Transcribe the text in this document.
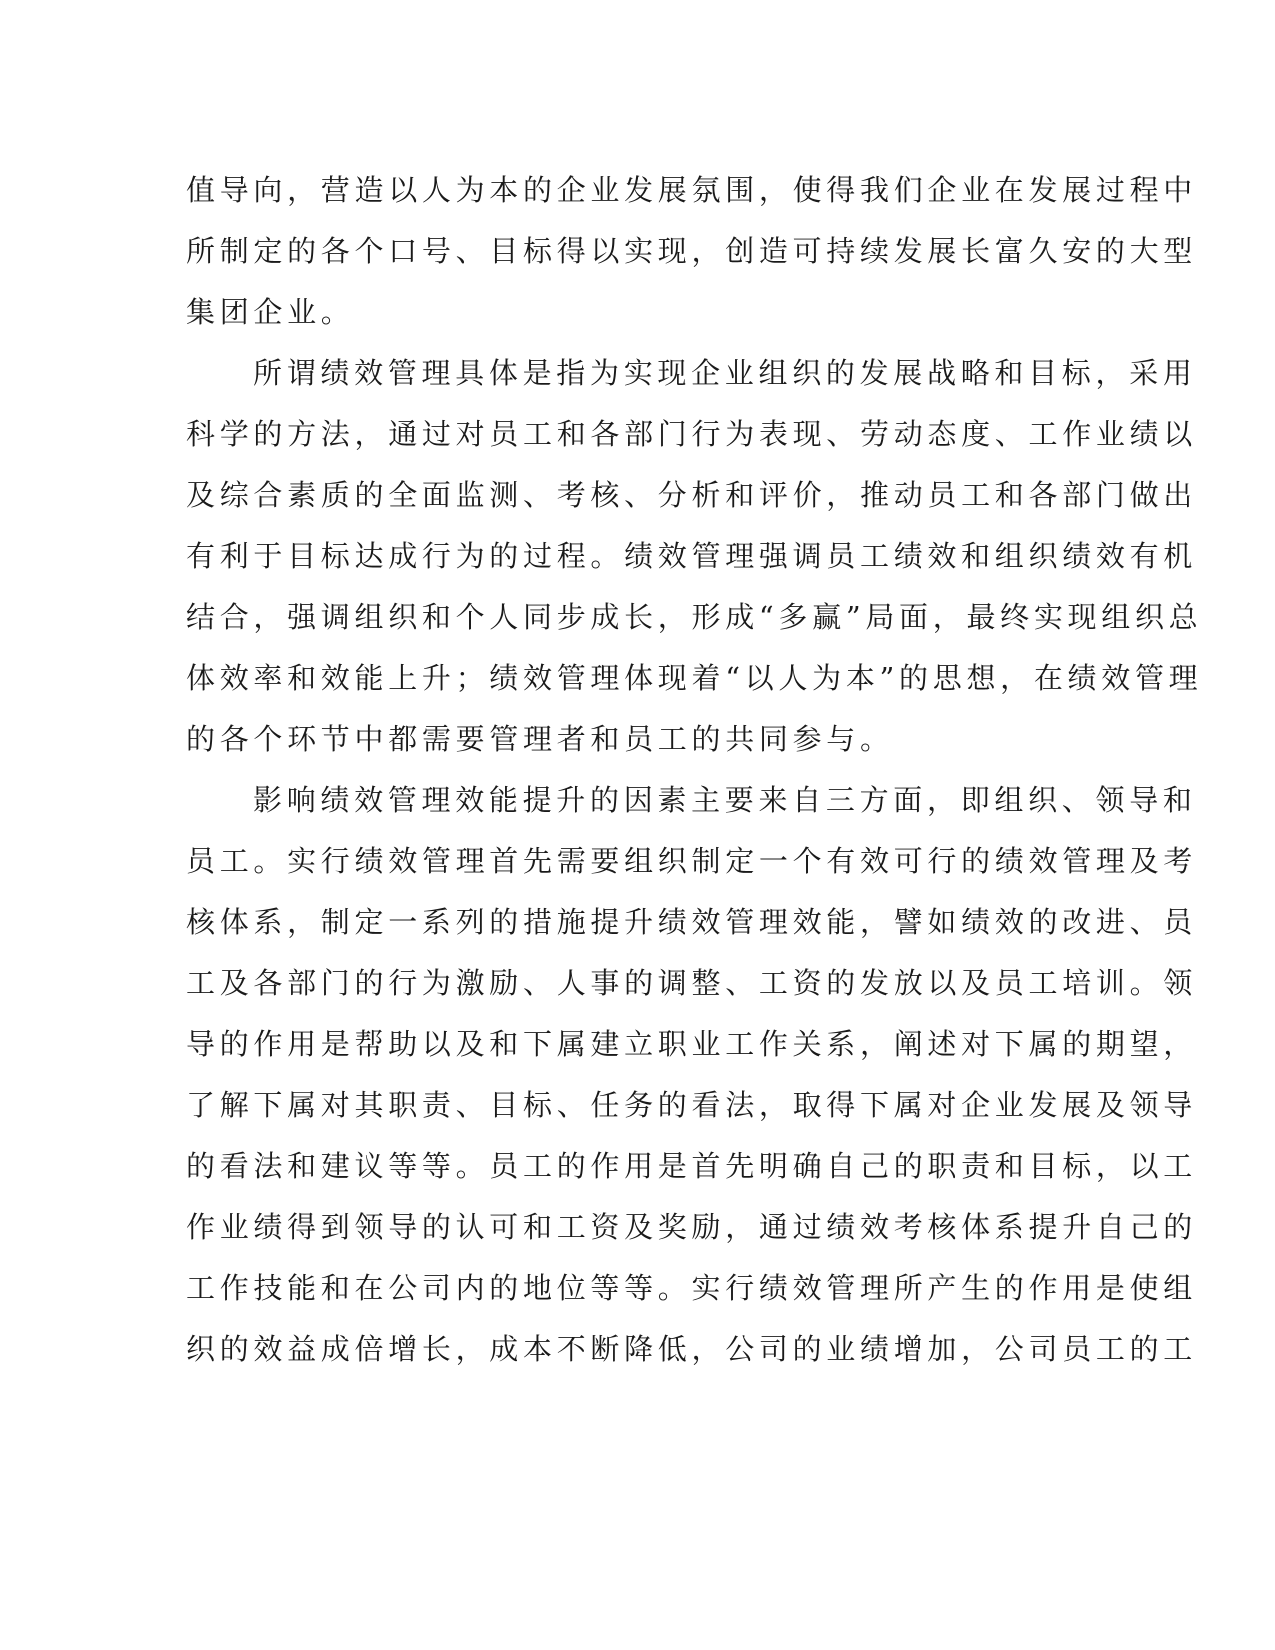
值导向，营造以人为本的企业发展氛围，使得我们企业在发展过程中
所制定的各个口号、目标得以实现，创造可持续发展长富久安的大型
集团企业。
所谓绩效管理具体是指为实现企业组织的发展战略和目标，采用
科学的方法，通过对员工和各部门行为表现、劳动态度、工作业绩以
及综合素质的全面监测、考核、分析和评价，推动员工和各部门做出
有利于目标达成行为的过程。绩效管理强调员工绩效和组织绩效有机
结合，强调组织和个人同步成长，形成“多赢”局面，最终实现组织总
体效率和效能上升；绩效管理体现着“以人为本”的思想，在绩效管理
的各个环节中都需要管理者和员工的共同参与。
影响绩效管理效能提升的因素主要来自三方面，即组织、领导和
员工。实行绩效管理首先需要组织制定一个有效可行的绩效管理及考
核体系，制定一系列的措施提升绩效管理效能，譬如绩效的改进、员
工及各部门的行为激励、人事的调整、工资的发放以及员工培训。领
导的作用是帮助以及和下属建立职业工作关系，阐述对下属的期望，
了解下属对其职责、目标、任务的看法，取得下属对企业发展及领导
的看法和建议等等。员工的作用是首先明确自己的职责和目标，以工
作业绩得到领导的认可和工资及奖励，通过绩效考核体系提升自己的
工作技能和在公司内的地位等等。实行绩效管理所产生的作用是使组
织的效益成倍增长，成本不断降低，公司的业绩增加，公司员工的工
